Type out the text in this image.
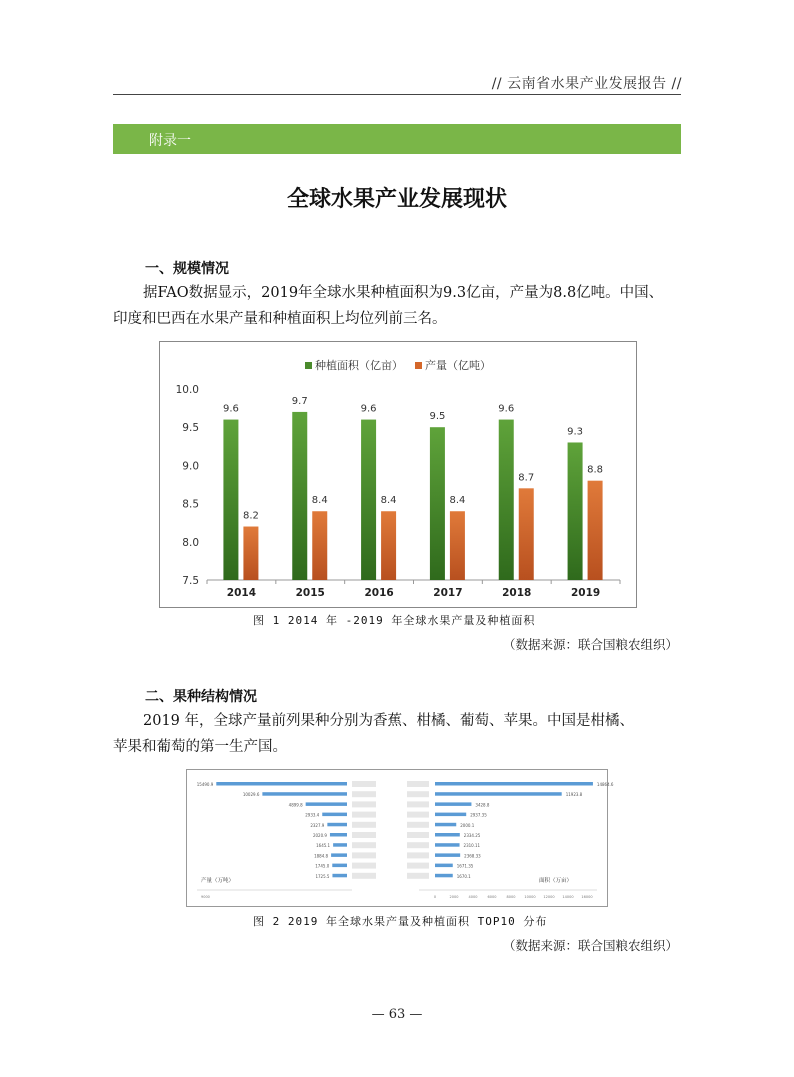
// 云南省水果产业发展报告 //
附录一
全球水果产业发展现状
一、规模情况
据FAO数据显示，2019年全球水果种植面积为9.3亿亩，产量为8.8亿吨。中国、
印度和巴西在水果产量和种植面积上均位列前三名。
种植面积（亿亩） 产量（亿吨）
7.5
8.0
8.5
9.0
9.5
10.0
9.6
8.2
2014
9.7
8.4
2015
9.6
8.4
2016
9.5
8.4
2017
9.6
8.7
2018
9.3
8.8
2019
图 1 2014 年 -2019 年全球水果产量及种植面积
（数据来源：联合国粮农组织）
二、果种结构情况
2019 年，全球产量前列果种分别为香蕉、柑橘、葡萄、苹果。中国是柑橘、
苹果和葡萄的第一生产国。
15490.9
10029.6
4899.8
2933.4
2327.9
2020.9
1645.1
1884.8
1745.0
1725.5
14864.6
11923.8
3428.8
2937.35
2000.1
2334.25
2310.11
2368.33
1671.35
1670.1
产量（万吨）	面积（万亩）
9000	0	2000	4000	6000	8000	10000 12000 14000 16000
图 2 2019 年全球水果产量及种植面积 TOP10 分布
（数据来源：联合国粮农组织）
— 63 —
